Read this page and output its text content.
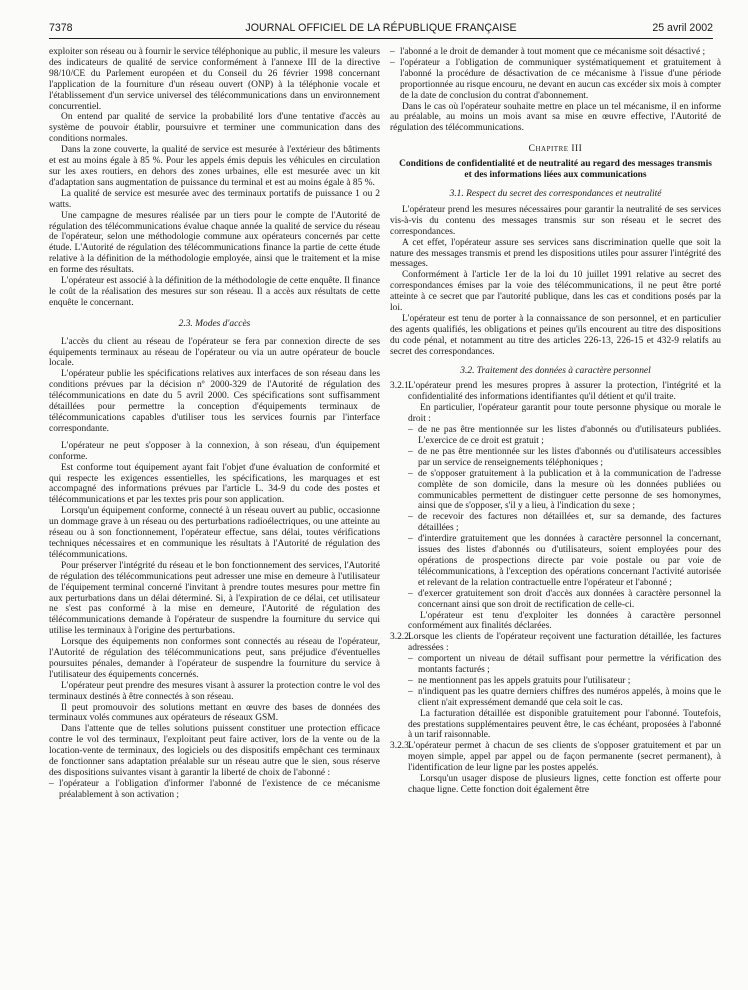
7378	JOURNAL OFFICIEL DE LA RÉPUBLIQUE FRANÇAISE	25 avril 2002

exploiter son réseau ou à fournir le service téléphonique au public, il mesure les valeurs des indicateurs de qualité de service conformément à l'annexe III de la directive 98/10/CE du Parlement européen et du Conseil du 26 février 1998 concernant l'application de la fourniture d'un réseau ouvert (ONP) à la téléphonie vocale et l'établissement d'un service universel des télécommunications dans un environnement concurrentiel.

On entend par qualité de service la probabilité lors d'une tentative d'accès au système de pouvoir établir, poursuivre et terminer une communication dans des conditions normales.

Dans la zone couverte, la qualité de service est mesurée à l'extérieur des bâtiments et est au moins égale à 85 %. Pour les appels émis depuis les véhicules en circulation sur les axes routiers, en dehors des zones urbaines, elle est mesurée avec un kit d'adaptation sans augmentation de puissance du terminal et est au moins égale à 85 %.

La qualité de service est mesurée avec des terminaux portatifs de puissance 1 ou 2 watts.

Une campagne de mesures réalisée par un tiers pour le compte de l'Autorité de régulation des télécommunications évalue chaque année la qualité de service du réseau de l'opérateur, selon une méthodologie commune aux opérateurs concernés par cette étude. L'Autorité de régulation des télécommunications finance la partie de cette étude relative à la définition de la méthodologie employée, ainsi que le traitement et la mise en forme des résultats.

L'opérateur est associé à la définition de la méthodologie de cette enquête. Il finance le coût de la réalisation des mesures sur son réseau. Il a accès aux résultats de cette enquête le concernant.

2.3. Modes d'accès

L'accès du client au réseau de l'opérateur se fera par connexion directe de ses équipements terminaux au réseau de l'opérateur ou via un autre opérateur de boucle locale.

L'opérateur publie les spécifications relatives aux interfaces de son réseau dans les conditions prévues par la décision nº 2000-329 de l'Autorité de régulation des télécommunications en date du 5 avril 2000. Ces spécifications sont suffisamment détaillées pour permettre la conception d'équipements terminaux de télécommunications capables d'utiliser tous les services fournis par l'interface correspondante.

L'opérateur ne peut s'opposer à la connexion, à son réseau, d'un équipement conforme.

Est conforme tout équipement ayant fait l'objet d'une évaluation de conformité et qui respecte les exigences essentielles, les spécifications, les marquages et est accompagné des informations prévues par l'article L. 34-9 du code des postes et télécommunications et par les textes pris pour son application.

Lorsqu'un équipement conforme, connecté à un réseau ouvert au public, occasionne un dommage grave à un réseau ou des perturbations radioélectriques, ou une atteinte au réseau ou à son fonctionnement, l'opérateur effectue, sans délai, toutes vérifications techniques nécessaires et en communique les résultats à l'Autorité de régulation des télécommunications.

Pour préserver l'intégrité du réseau et le bon fonctionnement des services, l'Autorité de régulation des télécommunications peut adresser une mise en demeure à l'utilisateur de l'équipement terminal concerné l'invitant à prendre toutes mesures pour mettre fin aux perturbations dans un délai déterminé. Si, à l'expiration de ce délai, cet utilisateur ne s'est pas conformé à la mise en demeure, l'Autorité de régulation des télécommunications demande à l'opérateur de suspendre la fourniture du service qui utilise les terminaux à l'origine des perturbations.

Lorsque des équipements non conformes sont connectés au réseau de l'opérateur, l'Autorité de régulation des télécommunications peut, sans préjudice d'éventuelles poursuites pénales, demander à l'opérateur de suspendre la fourniture du service à l'utilisateur des équipements concernés.

L'opérateur peut prendre des mesures visant à assurer la protection contre le vol des terminaux destinés à être connectés à son réseau.

Il peut promouvoir des solutions mettant en œuvre des bases de données des terminaux volés communes aux opérateurs de réseaux GSM.

Dans l'attente que de telles solutions puissent constituer une protection efficace contre le vol des terminaux, l'exploitant peut faire activer, lors de la vente ou de la location-vente de terminaux, des logiciels ou des dispositifs empêchant ces terminaux de fonctionner sans adaptation préalable sur un réseau autre que le sien, sous réserve des dispositions suivantes visant à garantir la liberté de choix de l'abonné :

– l'opérateur a l'obligation d'informer l'abonné de l'existence de ce mécanisme préalablement à son activation ;
– l'abonné a le droit de demander à tout moment que ce mécanisme soit désactivé ;
– l'opérateur a l'obligation de communiquer systématiquement et gratuitement à l'abonné la procédure de désactivation de ce mécanisme à l'issue d'une période proportionnée au risque encouru, ne devant en aucun cas excéder six mois à compter de la date de conclusion du contrat d'abonnement.

Dans le cas où l'opérateur souhaite mettre en place un tel mécanisme, il en informe au préalable, au moins un mois avant sa mise en œuvre effective, l'Autorité de régulation des télécommunications.

Chapitre III
Conditions de confidentialité et de neutralité au regard des messages transmis et des informations liées aux communications
3.1. Respect du secret des correspondances et neutralité

L'opérateur prend les mesures nécessaires pour garantir la neutralité de ses services vis-à-vis du contenu des messages transmis sur son réseau et le secret des correspondances.

A cet effet, l'opérateur assure ses services sans discrimination quelle que soit la nature des messages transmis et prend les dispositions utiles pour assurer l'intégrité des messages.

Conformément à l'article 1er de la loi du 10 juillet 1991 relative au secret des correspondances émises par la voie des télécommunications, il ne peut être porté atteinte à ce secret que par l'autorité publique, dans les cas et conditions posés par la loi.

L'opérateur est tenu de porter à la connaissance de son personnel, et en particulier des agents qualifiés, les obligations et peines qu'ils encourent au titre des dispositions du code pénal, et notamment au titre des articles 226-13, 226-15 et 432-9 relatifs au secret des correspondances.

3.2. Traitement des données à caractère personnel
3.2.1.

L'opérateur prend les mesures propres à assurer la protection, l'intégrité et la confidentialité des informations identifiantes qu'il détient et qu'il traite.

En particulier, l'opérateur garantit pour toute personne physique ou morale le droit :

– de ne pas être mentionnée sur les listes d'abonnés ou d'utilisateurs publiées. L'exercice de ce droit est gratuit ;
– de ne pas être mentionnée sur les listes d'abonnés ou d'utilisateurs accessibles par un service de renseignements téléphoniques ;
– de s'opposer gratuitement à la publication et à la communication de l'adresse complète de son domicile, dans la mesure où les données publiées ou communicables permettent de distinguer cette personne de ses homonymes, ainsi que de s'opposer, s'il y a lieu, à l'indication du sexe ;
– de recevoir des factures non détaillées et, sur sa demande, des factures détaillées ;
– d'interdire gratuitement que les données à caractère personnel la concernant, issues des listes d'abonnés ou d'utilisateurs, soient employées pour des opérations de prospections directe par voie postale ou par voie de télécommunications, à l'exception des opérations concernant l'activité autorisée et relevant de la relation contractuelle entre l'opérateur et l'abonné ;
– d'exercer gratuitement son droit d'accès aux données à caractère personnel la concernant ainsi que son droit de rectification de celle-ci.

L'opérateur est tenu d'exploiter les données à caractère personnel conformément aux finalités déclarées.

3.2.2.

Lorsque les clients de l'opérateur reçoivent une facturation détaillée, les factures adressées :

– comportent un niveau de détail suffisant pour permettre la vérification des montants facturés ;
– ne mentionnent pas les appels gratuits pour l'utilisateur ;
– n'indiquent pas les quatre derniers chiffres des numéros appelés, à moins que le client n'ait expressément demandé que cela soit le cas.

La facturation détaillée est disponible gratuitement pour l'abonné. Toutefois, des prestations supplémentaires peuvent être, le cas échéant, proposées à l'abonné à un tarif raisonnable.

3.2.3.

L'opérateur permet à chacun de ses clients de s'opposer gratuitement et par un moyen simple, appel par appel ou de façon permanente (secret permanent), à l'identification de leur ligne par les postes appelés.

Lorsqu'un usager dispose de plusieurs lignes, cette fonction est offerte pour chaque ligne. Cette fonction doit également être
